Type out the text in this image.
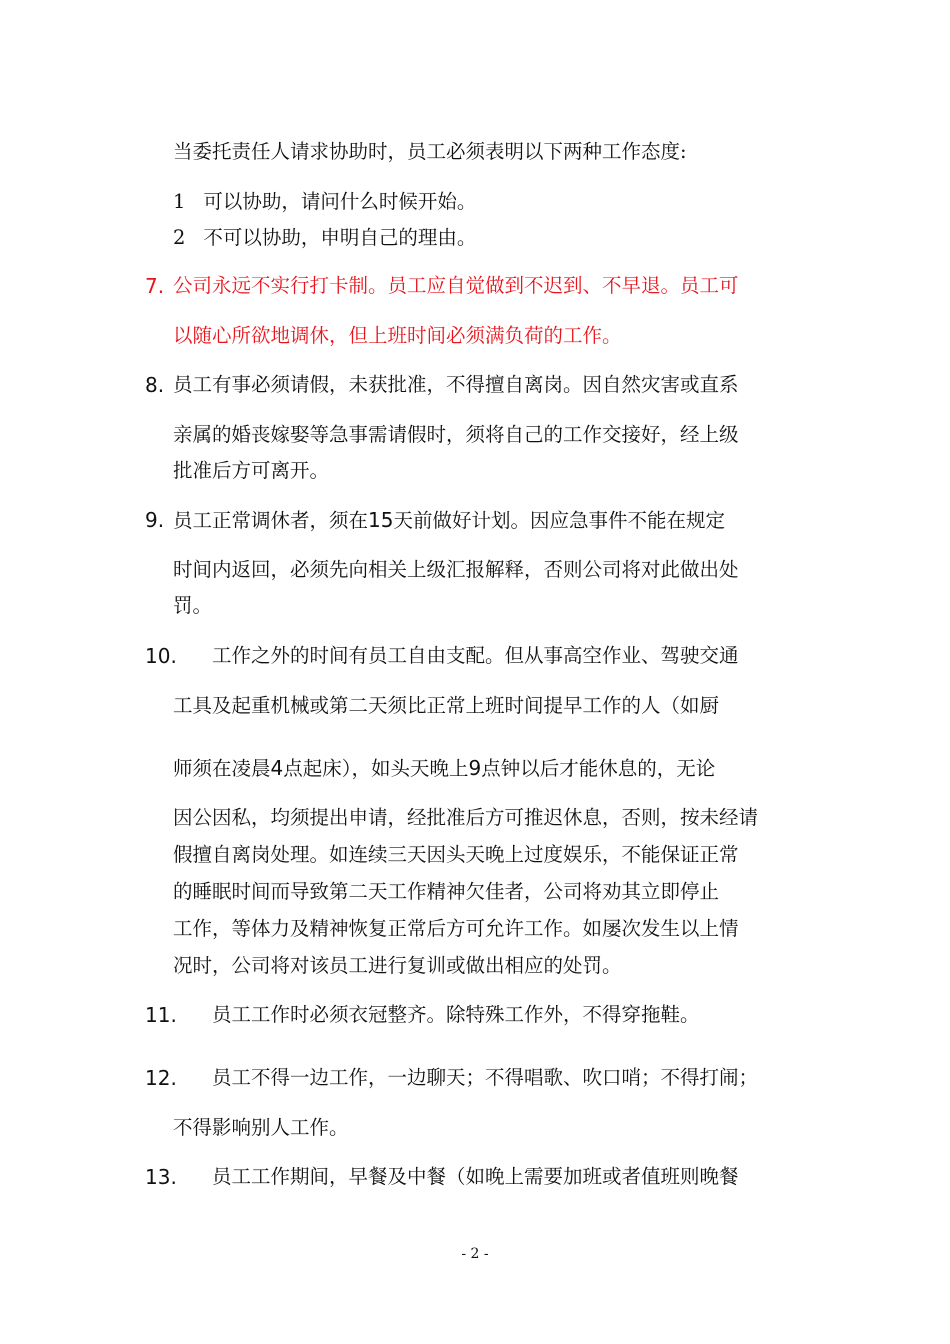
当委托责任人请求协助时，员工必须表明以下两种工作态度:
1 可以协助，请问什么时候开始。
2 不可以协助，申明自己的理由。
7. 公司永远不实行打卡制。员工应自觉做到不迟到、不早退。员工可
以随心所欲地调休，但上班时间必须满负荷的工作。
8. 员工有事必须请假，未获批准，不得擅自离岗。因自然灾害或直系
亲属的婚丧嫁娶等急事需请假时，须将自己的工作交接好，经上级
批准后方可离开。
9. 员工正常调休者，须在15天前做好计划。因应急事件不能在规定
时间内返回，必须先向相关上级汇报解释，否则公司将对此做出处
罚。
10. 工作之外的时间有员工自由支配。但从事高空作业、驾驶交通
工具及起重机械或第二天须比正常上班时间提早工作的人（如厨
师须在凌晨4点起床），如头天晚上9点钟以后才能休息的，无论
因公因私，均须提出申请，经批准后方可推迟休息，否则，按未经请
假擅自离岗处理。如连续三天因头天晚上过度娱乐，不能保证正常
的睡眠时间而导致第二天工作精神欠佳者，公司将劝其立即停止
工作，等体力及精神恢复正常后方可允许工作。如屡次发生以上情
况时，公司将对该员工进行复训或做出相应的处罚。
11. 员工工作时必须衣冠整齐。除特殊工作外，不得穿拖鞋。
12. 员工不得一边工作，一边聊天；不得唱歌、吹口哨；不得打闹；
不得影响别人工作。
13. 员工工作期间，早餐及中餐（如晚上需要加班或者值班则晚餐
- 2 -
